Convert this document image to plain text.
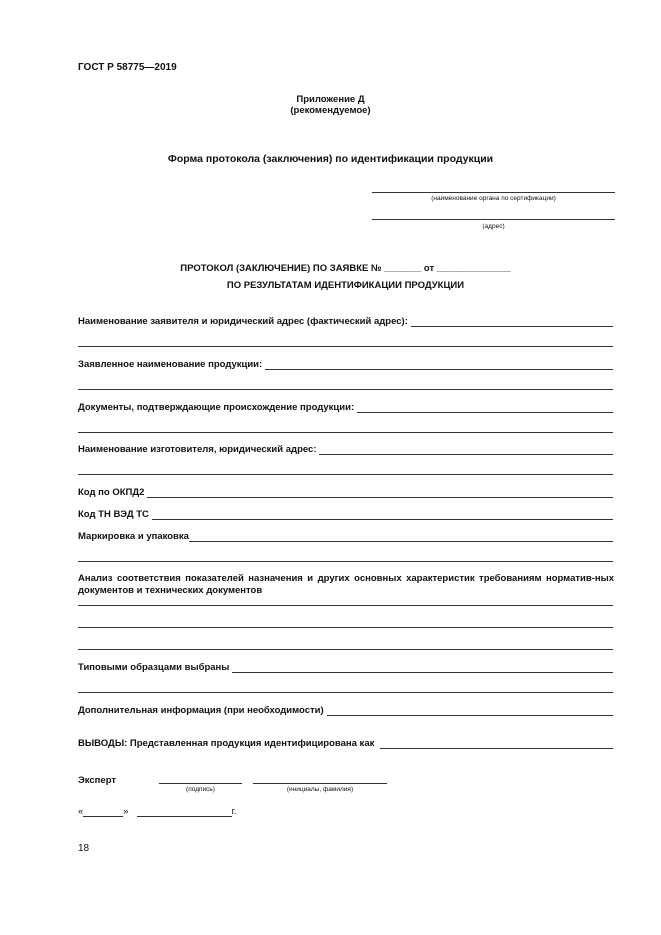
ГОСТ Р 58775—2019
Приложение Д
(рекомендуемое)
Форма протокола (заключения) по идентификации продукции
(наименование органа по сертификации)
(адрес)
ПРОТОКОЛ (ЗАКЛЮЧЕНИЕ) ПО ЗАЯВКЕ № _______ от ______________
ПО РЕЗУЛЬТАТАМ ИДЕНТИФИКАЦИИ ПРОДУКЦИИ
Наименование заявителя и юридический адрес (фактический адрес):
Заявленное наименование продукции:
Документы, подтверждающие происхождение продукции:
Наименование изготовителя, юридический адрес:
Код по ОКПД2
Код ТН ВЭД ТС
Маркировка и упаковка
Анализ соответствия показателей назначения и других основных характеристик требованиям норматив-ных документов и технических документов
Типовыми образцами выбраны
Дополнительная информация (при необходимости)
ВЫВОДЫ: Представленная продукция идентифицирована как
Эксперт
(подпись)	(инициалы, фамилия)
«	»	г.
18
